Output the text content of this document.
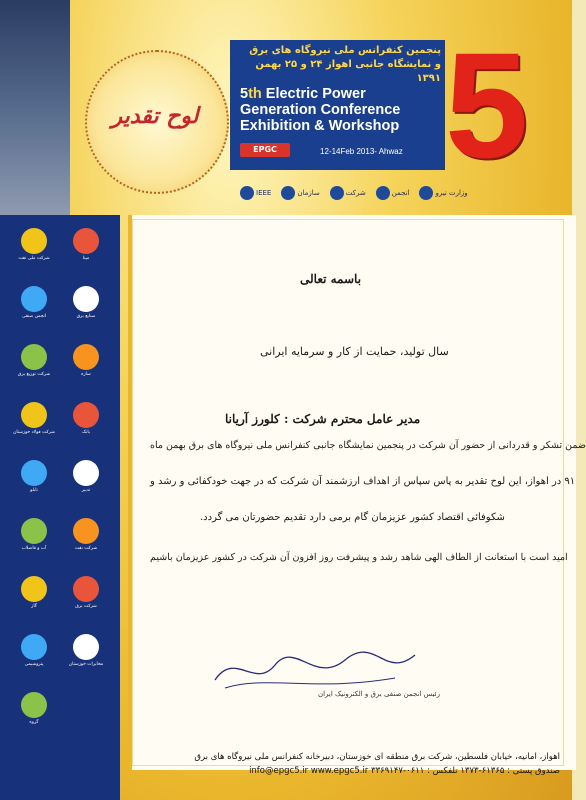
لوح تقدیر
پنجمین کنفرانس ملی نیروگاه های برق
و نمایشگاه جانبی اهواز ۲۴ و ۲۵ بهمن ۱۳۹۱
5th Electric Power
Generation Conference
Exhibition & Workshop
EPGC	12-14Feb 2013- Ahwaz 5
IEEE	سازمان	شرکت	انجمن	وزارت نیرو
باسمه تعالی
سال تولید، حمایت از کار و سرمایه ایرانی
مدیر عامل محترم شرکت : کلورز آریانا
ضمن تشکر و قدردانی از حضور آن شرکت در پنجمین نمایشگاه جانبی کنفرانس ملی نیروگاه های برق بهمن ماه
۹۱ در اهواز، این لوح تقدیر به پاس سپاس از اهداف ارزشمند آن شرکت که در جهت خودکفائی و رشد و
شکوفائی اقتصاد کشور عزیزمان گام برمی دارد تقدیم حضورتان می گردد.
امید است با استعانت از الطاف الهی شاهد رشد و پیشرفت روز افزون آن شرکت در کشور عزیزمان باشیم
رئیس انجمن صنفی برق و الکترونیک ایران
اهواز، امانیه، خیابان فلسطین، شرکت برق منطقه ای خوزستان، دبیرخانه کنفرانس ملی نیروگاه های برق
صندوق پستی : ۶۱۳۶۵-۱۳۷۳ تلفکس : ۰۶۱۱-۳۳۶۹۱۴۷ info@epgc5.ir www.epgc5.ir
شرکت ملی نفت	مپنا
انجمن صنفی	صنایع برق
شرکت توزیع برق	سازه
شرکت فولاد خوزستان	بانک
تابلو	تدبیر
آب و فاضلاب	شرکت نفت
گاز	شرکت برق
پتروشیمی	مخابرات خوزستان
گروه
